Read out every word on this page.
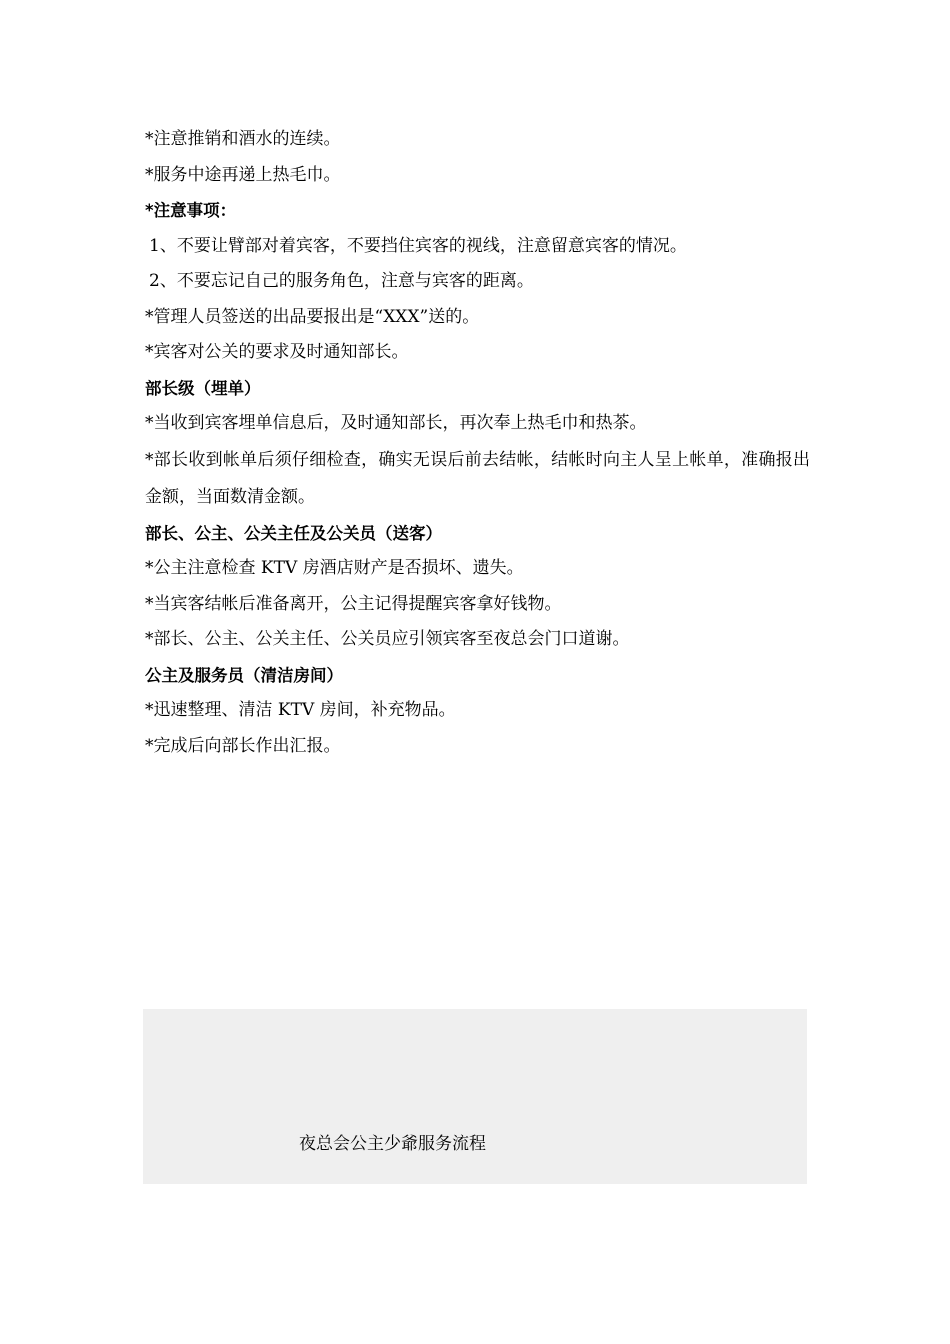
*注意推销和酒水的连续。
*服务中途再递上热毛巾。
*注意事项：
1、不要让臂部对着宾客，不要挡住宾客的视线，注意留意宾客的情况。
2、不要忘记自己的服务角色，注意与宾客的距离。
*管理人员签送的出品要报出是“XXX”送的。
*宾客对公关的要求及时通知部长。
部长级（埋单）
*当收到宾客埋单信息后，及时通知部长，再次奉上热毛巾和热茶。
*部长收到帐单后须仔细检查，确实无误后前去结帐，结帐时向主人呈上帐单，准确报出金额，当面数清金额。
部长、公主、公关主任及公关员（送客）
*公主注意检查 KTV 房酒店财产是否损坏、遗失。
*当宾客结帐后准备离开，公主记得提醒宾客拿好钱物。
*部长、公主、公关主任、公关员应引领宾客至夜总会门口道谢。
公主及服务员（清洁房间）
*迅速整理、清洁 KTV 房间，补充物品。
*完成后向部长作出汇报。
夜总会公主少爺服务流程
